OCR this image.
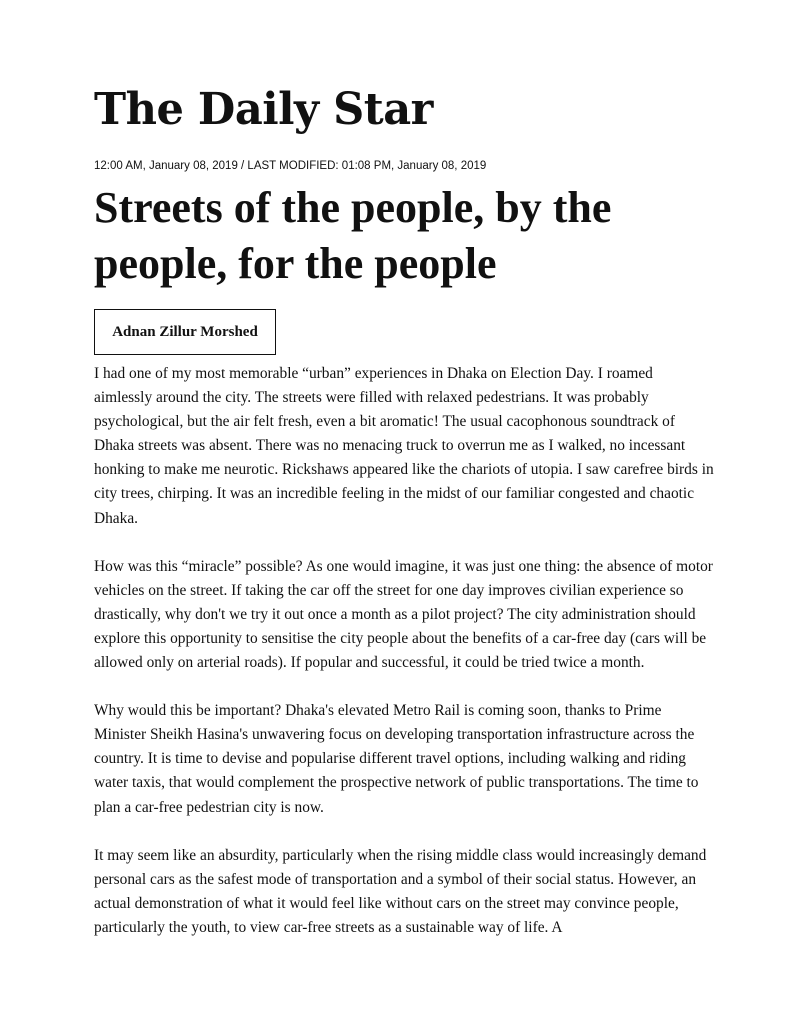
The Daily Star
12:00 AM, January 08, 2019 / LAST MODIFIED: 01:08 PM, January 08, 2019
Streets of the people, by the people, for the people
Adnan Zillur Morshed

I had one of my most memorable “urban” experiences in Dhaka on Election Day. I roamed aimlessly around the city. The streets were filled with relaxed pedestrians. It was probably psychological, but the air felt fresh, even a bit aromatic! The usual cacophonous soundtrack of Dhaka streets was absent. There was no menacing truck to overrun me as I walked, no incessant honking to make me neurotic. Rickshaws appeared like the chariots of utopia. I saw carefree birds in city trees, chirping. It was an incredible feeling in the midst of our familiar congested and chaotic Dhaka.

How was this “miracle” possible? As one would imagine, it was just one thing: the absence of motor vehicles on the street. If taking the car off the street for one day improves civilian experience so drastically, why don't we try it out once a month as a pilot project? The city administration should explore this opportunity to sensitise the city people about the benefits of a car-free day (cars will be allowed only on arterial roads). If popular and successful, it could be tried twice a month.

Why would this be important? Dhaka's elevated Metro Rail is coming soon, thanks to Prime Minister Sheikh Hasina's unwavering focus on developing transportation infrastructure across the country. It is time to devise and popularise different travel options, including walking and riding water taxis, that would complement the prospective network of public transportations. The time to plan a car-free pedestrian city is now.

It may seem like an absurdity, particularly when the rising middle class would increasingly demand personal cars as the safest mode of transportation and a symbol of their social status. However, an actual demonstration of what it would feel like without cars on the street may convince people, particularly the youth, to view car-free streets as a sustainable way of life. A
